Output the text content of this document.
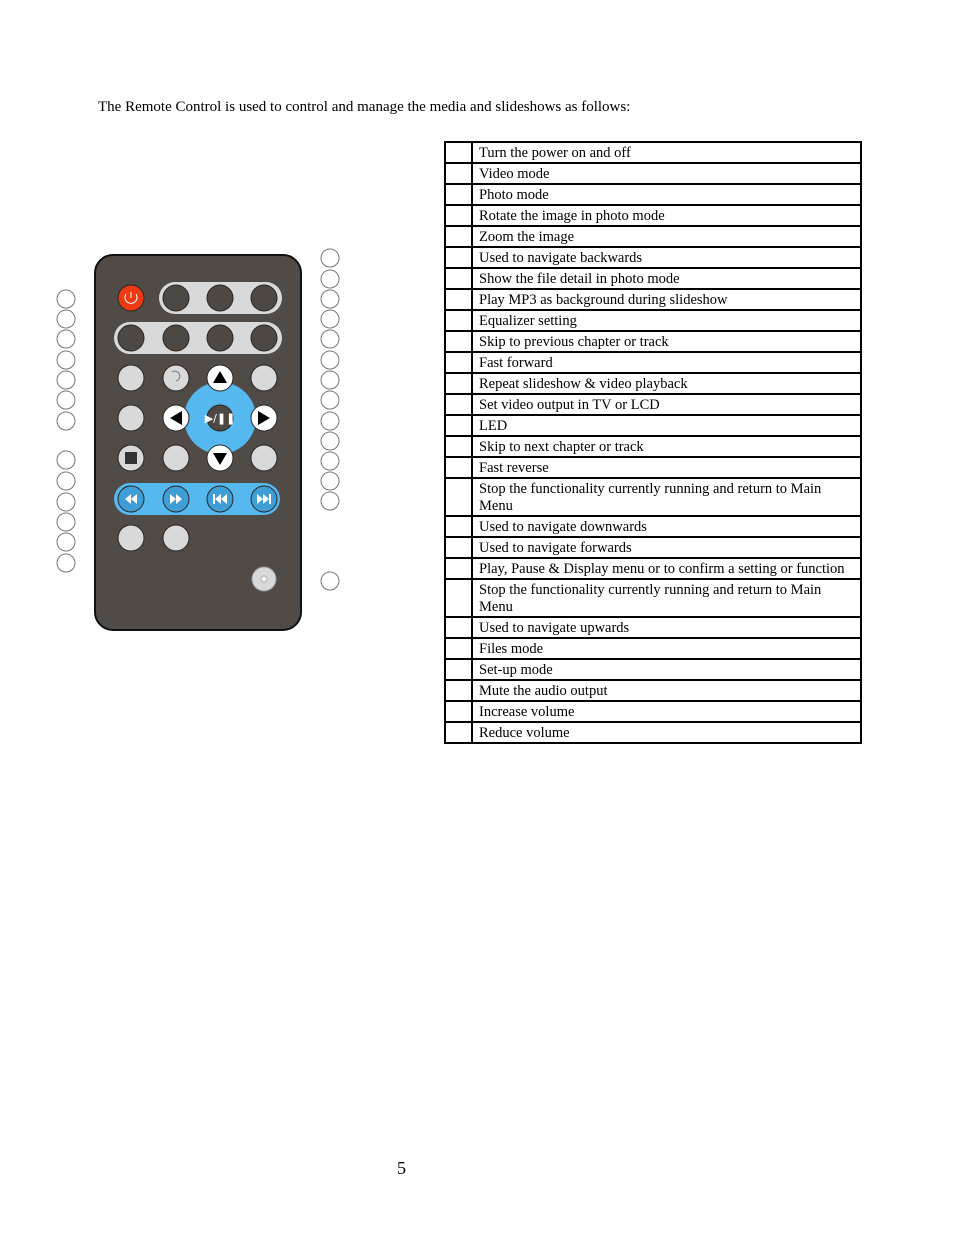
The Remote Control is used to control and manage the media and slideshows as follows:

▶/❚❚
	Turn the power on and off
	Video mode
	Photo mode
	Rotate the image in photo mode
	Zoom the image
	Used to navigate backwards
	Show the file detail in photo mode
	Play MP3 as background during slideshow
	Equalizer setting
	Skip to previous chapter or track
	Fast forward
	Repeat slideshow & video playback
	Set video output in TV or LCD
	LED
	Skip to next chapter or track
	Fast reverse
	Stop the functionality currently running and return to Main Menu
	Used to navigate downwards
	Used to navigate forwards
	Play, Pause & Display menu or to confirm a setting or function
	Stop the functionality currently running and return to Main Menu
	Used to navigate upwards
	Files mode
	Set-up mode
	Mute the audio output
	Increase volume
	Reduce volume

5
